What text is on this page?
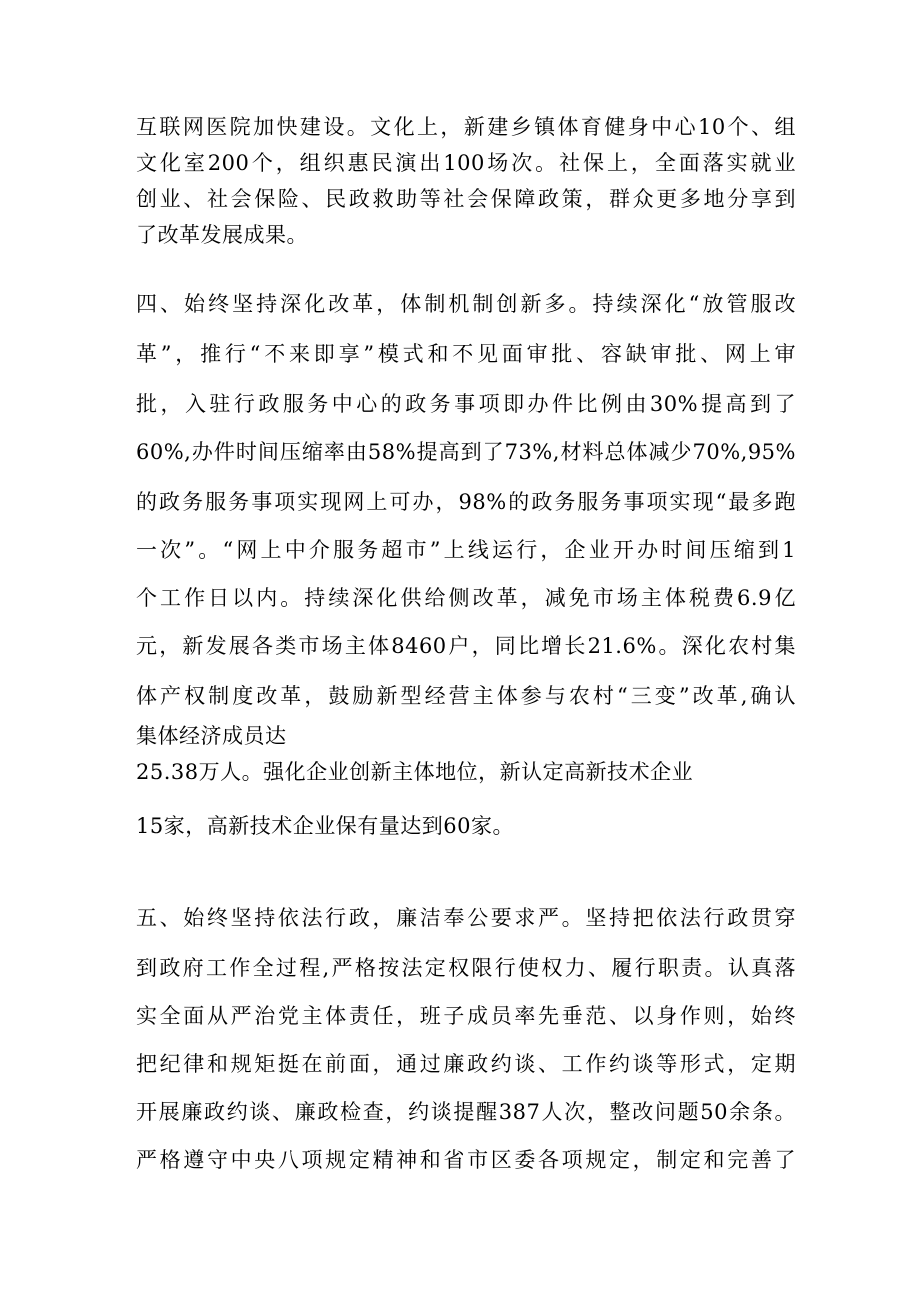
互联网医院加快建设。文化上，新建乡镇体育健身中心10个、组

文化室200个，组织惠民演出100场次。社保上，全面落实就业

创业、社会保险、民政救助等社会保障政策，群众更多地分享到

了改革发展成果。

四、始终坚持深化改革，体制机制创新多。持续深化“放管服改

革”，推行“不来即享”模式和不见面审批、容缺审批、网上审

批，入驻行政服务中心的政务事项即办件比例由30%提高到了

60%,办件时间压缩率由58%提高到了73%,材料总体减少70%,95%

的政务服务事项实现网上可办，98%的政务服务事项实现“最多跑

一次”。“网上中介服务超市”上线运行，企业开办时间压缩到1

个工作日以内。持续深化供给侧改革，减免市场主体税费6.9亿

元，新发展各类市场主体8460户，同比增长21.6%。深化农村集

体产权制度改革，鼓励新型经营主体参与农村“三变”改革,确认

集体经济成员达

25.38万人。强化企业创新主体地位，新认定高新技术企业

15家，高新技术企业保有量达到60家。

五、始终坚持依法行政，廉洁奉公要求严。坚持把依法行政贯穿

到政府工作全过程,严格按法定权限行使权力、履行职责。认真落

实全面从严治党主体责任，班子成员率先垂范、以身作则，始终

把纪律和规矩挺在前面，通过廉政约谈、工作约谈等形式，定期

开展廉政约谈、廉政检查，约谈提醒387人次，整改问题50余条。

严格遵守中央八项规定精神和省市区委各项规定，制定和完善了
